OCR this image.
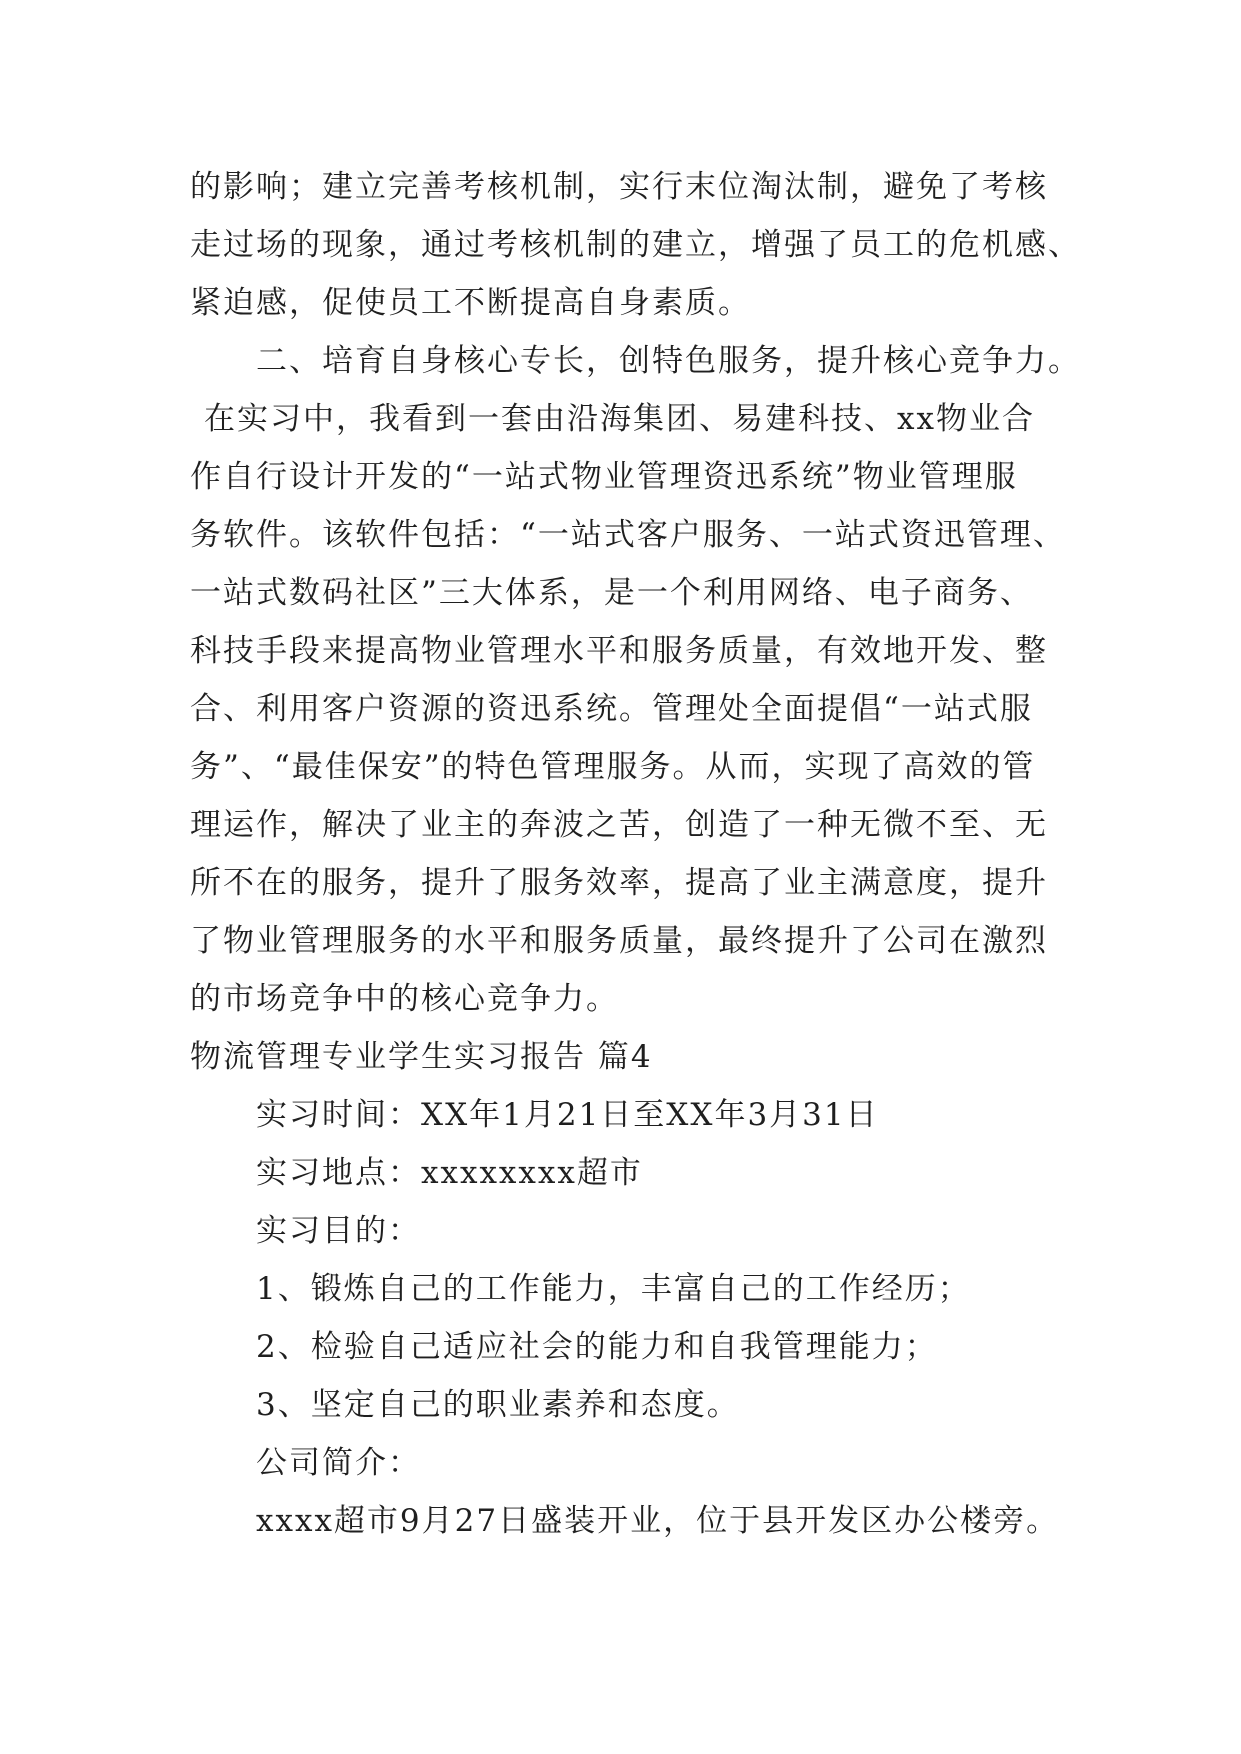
的影响；建立完善考核机制，实行末位淘汰制，避免了考核
走过场的现象，通过考核机制的建立，增强了员工的危机感、
紧迫感，促使员工不断提高自身素质。
二、培育自身核心专长，创特色服务，提升核心竞争力。
在实习中，我看到一套由沿海集团、易建科技、xx物业合
作自行设计开发的“一站式物业管理资迅系统”物业管理服
务软件。该软件包括：“一站式客户服务、一站式资迅管理、
一站式数码社区”三大体系，是一个利用网络、电子商务、
科技手段来提高物业管理水平和服务质量，有效地开发、整
合、利用客户资源的资迅系统。管理处全面提倡“一站式服
务”、“最佳保安”的特色管理服务。从而，实现了高效的管
理运作，解决了业主的奔波之苦，创造了一种无微不至、无
所不在的服务，提升了服务效率，提高了业主满意度，提升
了物业管理服务的水平和服务质量，最终提升了公司在激烈
的市场竞争中的核心竞争力。
物流管理专业学生实习报告 篇4
实习时间：XX年1月21日至XX年3月31日
实习地点：xxxxxxxx超市
实习目的：
1、锻炼自己的工作能力，丰富自己的工作经历；
2、检验自己适应社会的能力和自我管理能力；
3、坚定自己的职业素养和态度。
公司简介：
xxxx超市9月27日盛装开业，位于县开发区办公楼旁。
